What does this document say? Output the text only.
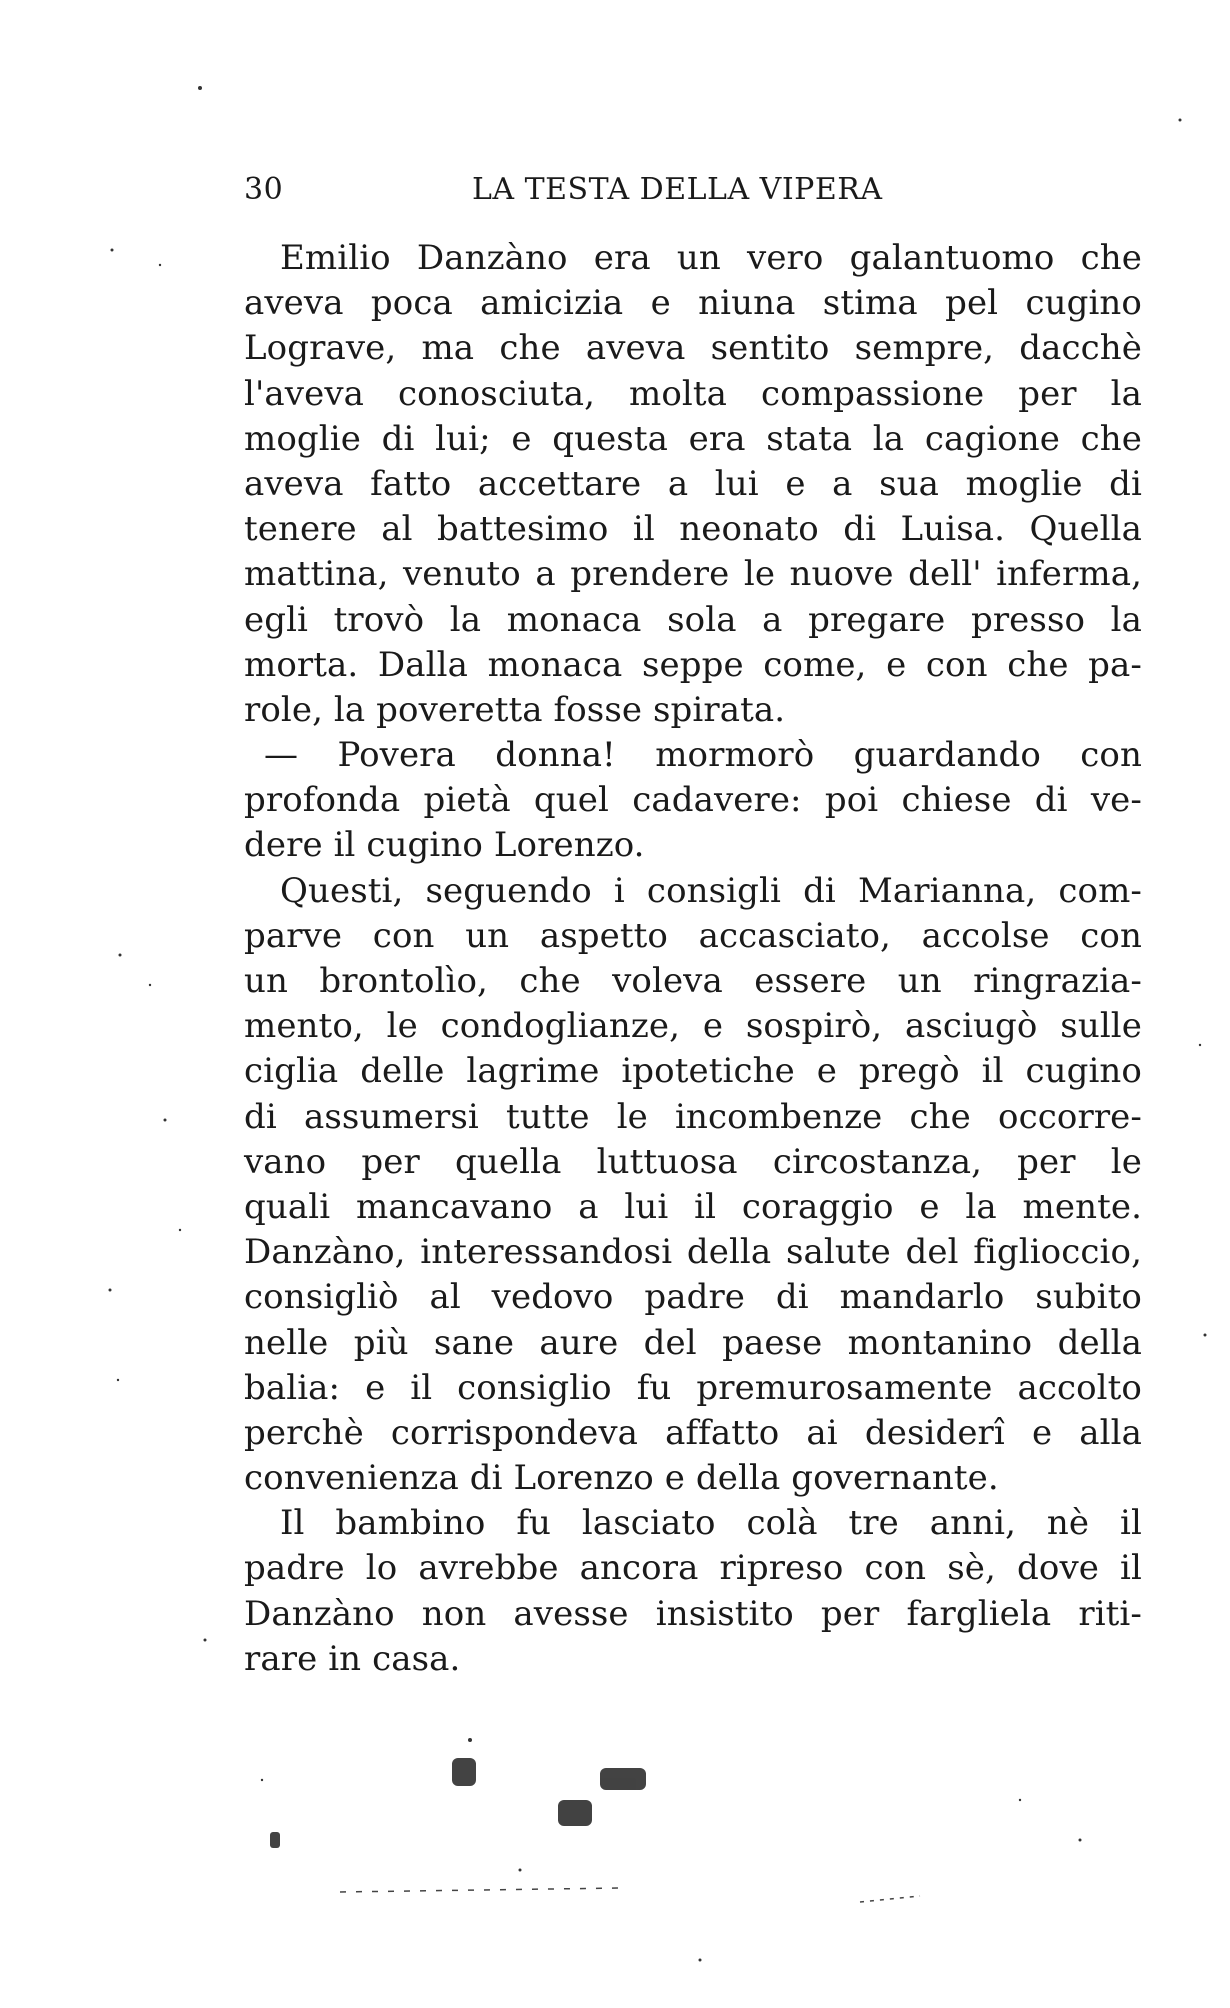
30	LA TESTA DELLA VIPERA
Emilio Danzàno era un vero galantuomo che
aveva poca amicizia e niuna stima pel cugino
Lograve, ma che aveva sentito sempre, dacchè
l'aveva conosciuta, molta compassione per la
moglie di lui; e questa era stata la cagione che
aveva fatto accettare a lui e a sua moglie di
tenere al battesimo il neonato di Luisa. Quella
mattina, venuto a prendere le nuove dell' inferma,
egli trovò la monaca sola a pregare presso la
morta. Dalla monaca seppe come, e con che pa-
role, la poveretta fosse spirata.
— Povera donna! mormorò guardando con
profonda pietà quel cadavere: poi chiese di ve-
dere il cugino Lorenzo.
Questi, seguendo i consigli di Marianna, com-
parve con un aspetto accasciato, accolse con
un brontolìo, che voleva essere un ringrazia-
mento, le condoglianze, e sospirò, asciugò sulle
ciglia delle lagrime ipotetiche e pregò il cugino
di assumersi tutte le incombenze che occorre-
vano per quella luttuosa circostanza, per le
quali mancavano a lui il coraggio e la mente.
Danzàno, interessandosi della salute del figlioccio,
consigliò al vedovo padre di mandarlo subito
nelle più sane aure del paese montanino della
balia: e il consiglio fu premurosamente accolto
perchè corrispondeva affatto ai desiderî e alla
convenienza di Lorenzo e della governante.
Il bambino fu lasciato colà tre anni, nè il
padre lo avrebbe ancora ripreso con sè, dove il
Danzàno non avesse insistito per fargliela riti-
rare in casa.
